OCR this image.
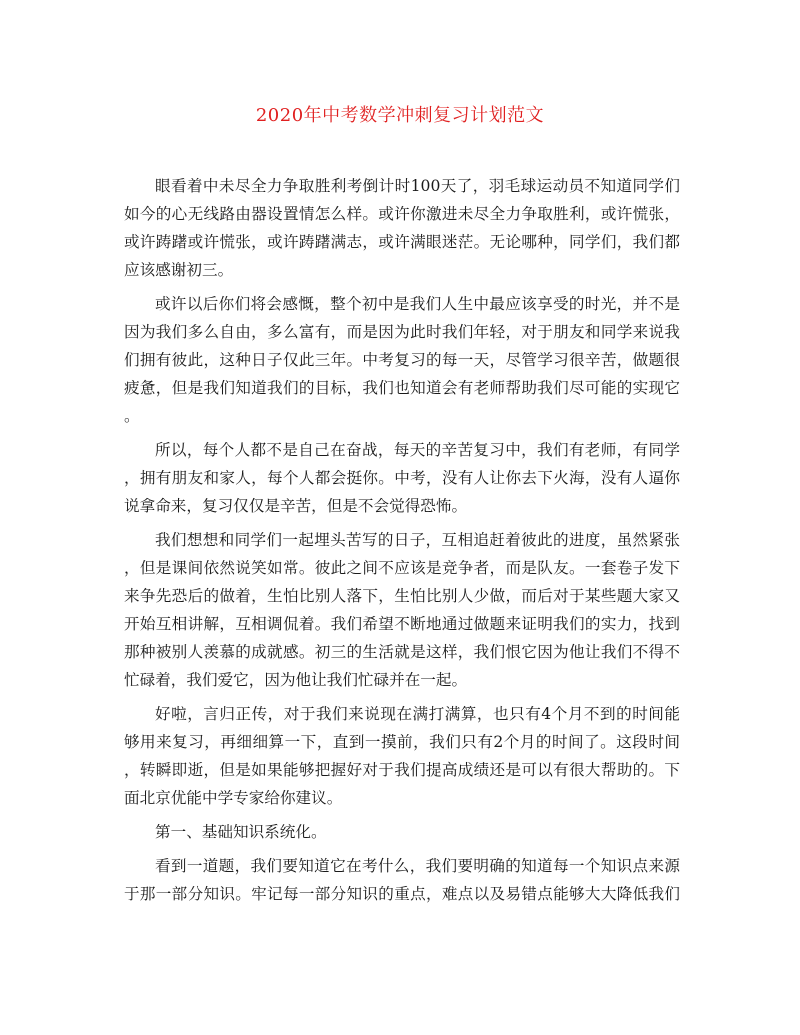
2020年中考数学冲刺复习计划范文
眼看着中未尽全力争取胜利考倒计时100天了，羽毛球运动员不知道同学们
如今的心无线路由器设置情怎么样。或许你激进未尽全力争取胜利，或许慌张，
或许踌躇或许慌张，或许踌躇满志，或许满眼迷茫。无论哪种，同学们，我们都
应该感谢初三。
或许以后你们将会感慨，整个初中是我们人生中最应该享受的时光，并不是
因为我们多么自由，多么富有，而是因为此时我们年轻，对于朋友和同学来说我
们拥有彼此，这种日子仅此三年。中考复习的每一天，尽管学习很辛苦，做题很
疲惫，但是我们知道我们的目标，我们也知道会有老师帮助我们尽可能的实现它
。
所以，每个人都不是自己在奋战，每天的辛苦复习中，我们有老师，有同学
，拥有朋友和家人，每个人都会挺你。中考，没有人让你去下火海，没有人逼你
说拿命来，复习仅仅是辛苦，但是不会觉得恐怖。
我们想想和同学们一起埋头苦写的日子，互相追赶着彼此的进度，虽然紧张
，但是课间依然说笑如常。彼此之间不应该是竞争者，而是队友。一套卷子发下
来争先恐后的做着，生怕比别人落下，生怕比别人少做，而后对于某些题大家又
开始互相讲解，互相调侃着。我们希望不断地通过做题来证明我们的实力，找到
那种被别人羡慕的成就感。初三的生活就是这样，我们恨它因为他让我们不得不
忙碌着，我们爱它，因为他让我们忙碌并在一起。
好啦，言归正传，对于我们来说现在满打满算，也只有4个月不到的时间能
够用来复习，再细细算一下，直到一摸前，我们只有2个月的时间了。这段时间
，转瞬即逝，但是如果能够把握好对于我们提高成绩还是可以有很大帮助的。下
面北京优能中学专家给你建议。
第一、基础知识系统化。
看到一道题，我们要知道它在考什么，我们要明确的知道每一个知识点来源
于那一部分知识。牢记每一部分知识的重点，难点以及易错点能够大大降低我们
